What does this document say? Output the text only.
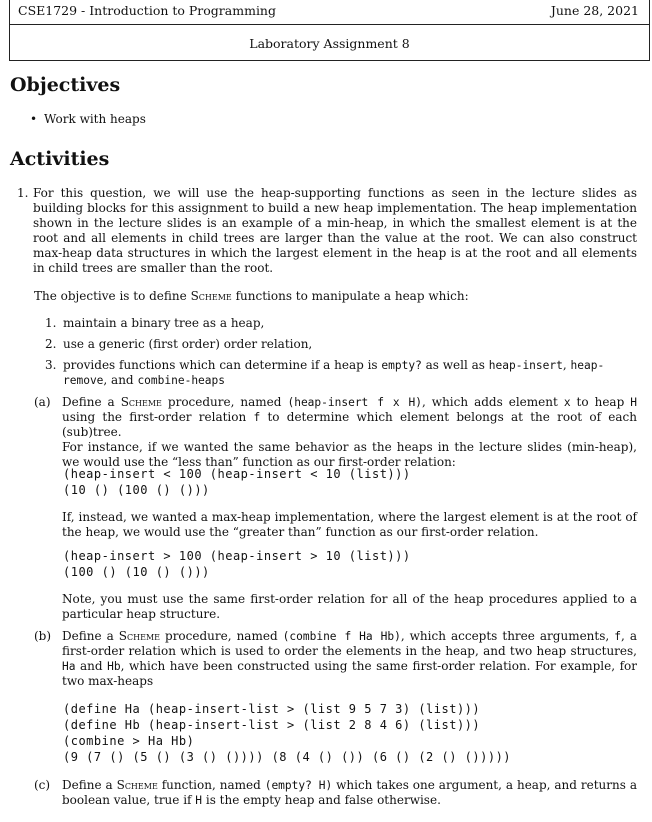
CSE1729 - Introduction to Programming	June 28, 2021
Laboratory Assignment 8
Objectives
• Work with heaps
Activities
1. For this question, we will use the heap-supporting functions as seen in the lecture slides as building blocks for this assignment to build a new heap implementation. The heap implementation shown in the lecture slides is an example of a min-heap, in which the smallest element is at the root and all elements in child trees are larger than the value at the root. We can also construct max-heap data structures in which the largest element in the heap is at the root and all elements in child trees are smaller than the root.
The objective is to define Scheme functions to manipulate a heap which:
1. maintain a binary tree as a heap,
2. use a generic (first order) order relation,
3. provides functions which can determine if a heap is empty? as well as heap-insert, heap-remove, and combine-heaps
(a) Define a Scheme procedure, named (heap-insert f x H), which adds element x to heap H using the first-order relation f to determine which element belongs at the root of each (sub)tree.
For instance, if we wanted the same behavior as the heaps in the lecture slides (min-heap), we would use the “less than” function as our first-order relation:
(heap-insert < 100 (heap-insert < 10 (list)))
(10 () (100 () ()))
If, instead, we wanted a max-heap implementation, where the largest element is at the root of the heap, we would use the “greater than” function as our first-order relation.
(heap-insert > 100 (heap-insert > 10 (list)))
(100 () (10 () ()))
Note, you must use the same first-order relation for all of the heap procedures applied to a particular heap structure.
(b) Define a Scheme procedure, named (combine f Ha Hb), which accepts three arguments, f, a first-order relation which is used to order the elements in the heap, and two heap structures, Ha and Hb, which have been constructed using the same first-order relation. For example, for two max-heaps
(define Ha (heap-insert-list > (list 9 5 7 3) (list)))
(define Hb (heap-insert-list > (list 2 8 4 6) (list)))
(combine > Ha Hb)
(9 (7 () (5 () (3 () ()))) (8 (4 () ()) (6 () (2 () ()))))
(c) Define a Scheme function, named (empty? H) which takes one argument, a heap, and returns a boolean value, true if H is the empty heap and false otherwise.
